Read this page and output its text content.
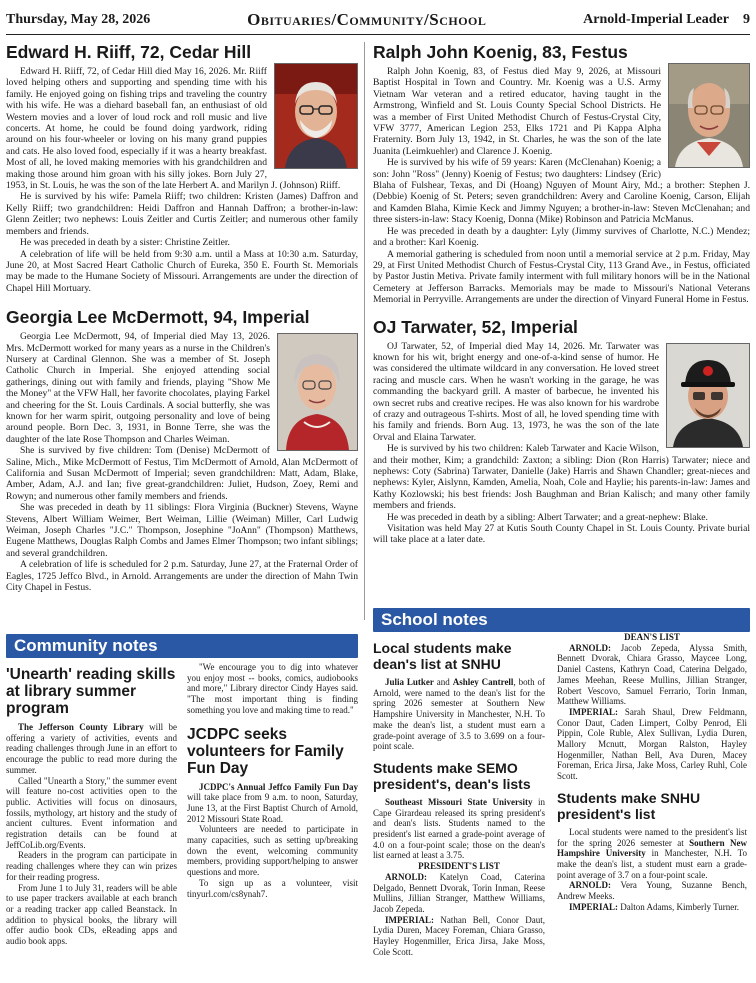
Thursday, May 28, 2026	Obituaries/Community/School	Arnold-Imperial Leader 9
Edward H. Riiff, 72, Cedar Hill

Edward H. Riiff, 72, of Cedar Hill died May 16, 2026. Mr. Riiff loved helping others and supporting and spending time with his family. He enjoyed going on fishing trips and traveling the country with his wife. He was a diehard baseball fan, an enthusiast of old Western movies and a lover of loud rock and roll music and live concerts. At home, he could be found doing yardwork, riding around on his four-wheeler or loving on his many grand puppies and cats. He also loved food, especially if it was a hearty breakfast. Most of all, he loved making memories with his grandchildren and making those around him groan with his silly jokes. Born July 27, 1953, in St. Louis, he was the son of the late Herbert A. and Marilyn J. (Johnson) Riiff.

He is survived by his wife: Pamela Riiff; two children: Kristen (James) Daffron and Kelly Riiff; two grandchildren: Heidi Daffron and Hannah Daffron; a brother-in-law: Glenn Zeitler; two nephews: Louis Zeitler and Curtis Zeitler; and numerous other family members and friends.

He was preceded in death by a sister: Christine Zeitler.

A celebration of life will be held from 9:30 a.m. until a Mass at 10:30 a.m. Saturday, June 20, at Most Sacred Heart Catholic Church of Eureka, 350 E. Fourth St. Memorials may be made to the Humane Society of Missouri. Arrangements are under the direction of Chapel Hill Mortuary.

Georgia Lee McDermott, 94, Imperial

Georgia Lee McDermott, 94, of Imperial died May 13, 2026. Mrs. McDermott worked for many years as a nurse in the Children's Nursery at Cardinal Glennon. She was a member of St. Joseph Catholic Church in Imperial. She enjoyed attending social gatherings, dining out with family and friends, playing "Show Me the Money" at the VFW Hall, her favorite chocolates, playing Farkel and cheering for the St. Louis Cardinals. A social butterfly, she was known for her warm spirit, outgoing personality and love of being around people. Born Dec. 3, 1931, in Bonne Terre, she was the daughter of the late Rose Thompson and Charles Weiman.

She is survived by five children: Tom (Denise) McDermott of Saline, Mich., Mike McDermott of Festus, Tim McDermott of Arnold, Alan McDermott of California and Susan McDermott of Imperial; seven grandchildren: Matt, Adam, Blake, Amber, Adam, A.J. and Ian; five great-grandchildren: Juliet, Hudson, Zoey, Remi and Rowyn; and numerous other family members and friends.

She was preceded in death by 11 siblings: Flora Virginia (Buckner) Stevens, Wayne Stevens, Albert William Weimer, Bert Weiman, Lillie (Weiman) Miller, Carl Ludwig Weiman, Joseph Charles "J.C." Thompson, Josephine "JoAnn" (Thompson) Matthews, Eugene Matthews, Douglas Ralph Combs and James Elmer Thompson; two infant siblings; and several grandchildren.

A celebration of life is scheduled for 2 p.m. Saturday, June 27, at the Fraternal Order of Eagles, 1725 Jeffco Blvd., in Arnold. Arrangements are under the direction of Mahn Twin City Chapel in Festus.

Ralph John Koenig, 83, Festus

Ralph John Koenig, 83, of Festus died May 9, 2026, at Missouri Baptist Hospital in Town and Country. Mr. Koenig was a U.S. Army Vietnam War veteran and a retired educator, having taught in the Armstrong, Winfield and St. Louis County Special School Districts. He was a member of First United Methodist Church of Festus-Crystal City, VFW 3777, American Legion 253, Elks 1721 and Pi Kappa Alpha Fraternity. Born July 13, 1942, in St. Charles, he was the son of the late Juanita (Leimkuehler) and Clarence J. Koenig.

He is survived by his wife of 59 years: Karen (McClenahan) Koenig; a son: John "Ross" (Jenny) Koenig of Festus; two daughters: Lindsey (Eric) Blaha of Fulshear, Texas, and Di (Hoang) Nguyen of Mount Airy, Md.; a brother: Stephen J. (Debbie) Koenig of St. Peters; seven grandchildren: Avery and Caroline Koenig, Carson, Elijah and Kamden Blaha, Kimie Keck and Jimmy Nguyen; a brother-in-law: Steven McClenahan; and three sisters-in-law: Stacy Koenig, Donna (Mike) Robinson and Patricia McManus.

He was preceded in death by a daughter: Lyly (Jimmy survives of Charlotte, N.C.) Mendez; and a brother: Karl Koenig.

A memorial gathering is scheduled from noon until a memorial service at 2 p.m. Friday, May 29, at First United Methodist Church of Festus-Crystal City, 113 Grand Ave., in Festus, officiated by Pastor Justin Metiva. Private family interment with full military honors will be in the National Cemetery at Jefferson Barracks. Memorials may be made to Missouri's National Veterans Memorial in Perryville. Arrangements are under the direction of Vinyard Funeral Home in Festus.

OJ Tarwater, 52, Imperial

OJ Tarwater, 52, of Imperial died May 14, 2026. Mr. Tarwater was known for his wit, bright energy and one-of-a-kind sense of humor. He was considered the ultimate wildcard in any conversation. He loved street racing and muscle cars. When he wasn't working in the garage, he was commanding the backyard grill. A master of barbecue, he invented his own secret rubs and creative recipes. He was also known for his wardrobe of crazy and outrageous T-shirts. Most of all, he loved spending time with his family and friends. Born Aug. 13, 1973, he was the son of the late Orval and Elaina Tarwater.

He is survived by his two children: Kaleb Tarwater and Kacie Wilson, and their mother, Kim; a grandchild: Zaxton; a sibling: Dion (Ron Harris) Tarwater; niece and nephews: Coty (Sabrina) Tarwater, Danielle (Jake) Harris and Shawn Chandler; great-nieces and nephews: Kyler, Aislynn, Kamden, Amelia, Noah, Cole and Haylie; his parents-in-law: James and Kathy Kozlowski; his best friends: Josh Baughman and Brian Kalisch; and many other family members and friends.

He was preceded in death by a sibling: Albert Tarwater; and a great-nephew: Blake.

Visitation was held May 27 at Kutis South County Chapel in St. Louis County. Private burial will take place at a later date.

Community notes
'Unearth' reading skills at library summer program

The Jefferson County Library will be offering a variety of activities, events and reading challenges through June in an effort to encourage the public to read more during the summer.

Called "Unearth a Story," the summer event will feature no-cost activities open to the public. Activities will focus on dinosaurs, fossils, mythology, art history and the study of ancient cultures. Event information and registration details can be found at JeffCoLib.org/Events.

Readers in the program can participate in reading challenges where they can win prizes for their reading progress.

From June 1 to July 31, readers will be able to use paper trackers available at each branch or a reading tracker app called Beanstack. In addition to physical books, the library will offer audio book CDs, eReading apps and audio book apps.

"We encourage you to dig into whatever you enjoy most -- books, comics, audiobooks and more," Library director Cindy Hayes said. "The most important thing is finding something you love and making time to read."

JCDPC seeks volunteers for Family Fun Day

JCDPC's Annual Jeffco Family Fun Day will take place from 9 a.m. to noon, Saturday, June 13, at the First Baptist Church of Arnold, 2012 Missouri State Road.

Volunteers are needed to participate in many capacities, such as setting up/breaking down the event, welcoming community members, providing support/helping to answer questions and more.

To sign up as a volunteer, visit tinyurl.com/cs8ynah7.

School notes
Local students make dean's list at SNHU

Julia Lutker and Ashley Cantrell, both of Arnold, were named to the dean's list for the spring 2026 semester at Southern New Hampshire University in Manchester, N.H. To make the dean's list, a student must earn a grade-point average of 3.5 to 3.699 on a four-point scale.

Students make SEMO president's, dean's lists

Southeast Missouri State University in Cape Girardeau released its spring president's and dean's lists. Students named to the president's list earned a grade-point average of 4.0 on a four-point scale; those on the dean's list earned at least a 3.75.

PRESIDENT'S LIST

ARNOLD: Katelyn Coad, Caterina Delgado, Bennett Dvorak, Torin Inman, Reese Mullins, Jillian Stranger, Matthew Williams, Jacob Zepeda.

IMPERIAL: Nathan Bell, Conor Daut, Lydia Duren, Macey Foreman, Chiara Grasso, Hayley Hogenmiller, Erica Jirsa, Jake Moss, Cole Scott.

DEAN'S LIST

ARNOLD: Jacob Zepeda, Alyssa Smith, Bennett Dvorak, Chiara Grasso, Maycee Long, Daniel Castens, Kathryn Coad, Caterina Delgado, James Meehan, Reese Mullins, Jillian Stranger, Robert Vescovo, Samuel Ferrario, Torin Inman, Matthew Williams.

IMPERIAL: Sarah Shaul, Drew Feldmann, Conor Daut, Caden Limpert, Colby Penrod, Eli Pippin, Cole Ruble, Alex Sullivan, Lydia Duren, Mallory Mcnutt, Morgan Ralston, Hayley Hogenmiller, Nathan Bell, Ava Duren, Macey Foreman, Erica Jirsa, Jake Moss, Carley Ruhl, Cole Scott.

Students make SNHU president's list

Local students were named to the president's list for the spring 2026 semester at Southern New Hampshire University in Manchester, N.H. To make the dean's list, a student must earn a grade-point average of 3.7 on a four-point scale.

ARNOLD: Vera Young, Suzanne Bench, Andrew Meeks.

IMPERIAL: Dalton Adams, Kimberly Turner.
